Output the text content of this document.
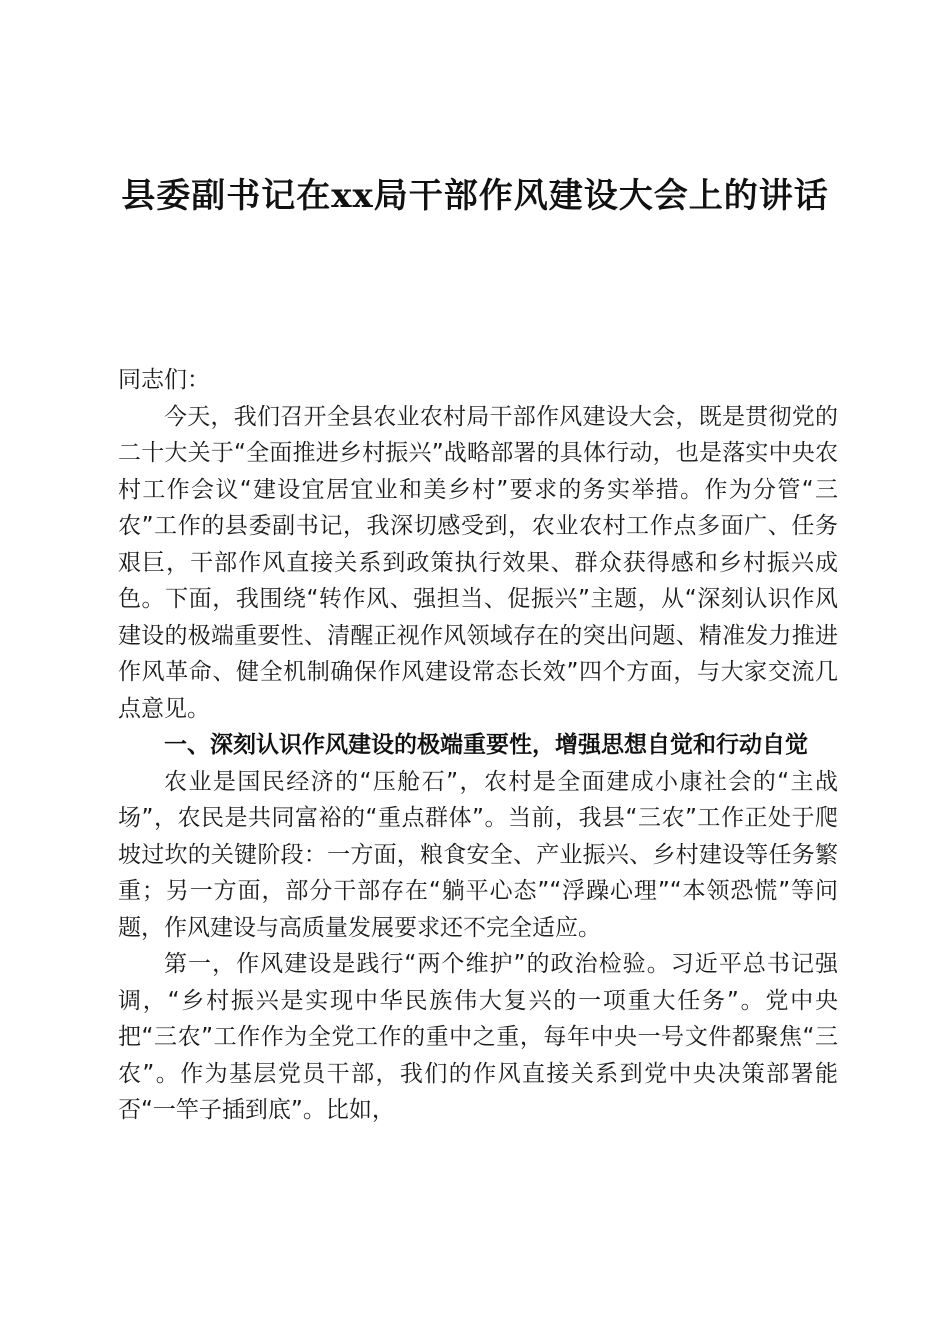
县委副书记在xx局干部作风建设大会上的讲话

同志们：

今天，我们召开全县农业农村局干部作风建设大会，既是贯彻党的二十大关于“全面推进乡村振兴”战略部署的具体行动，也是落实中央农村工作会议“建设宜居宜业和美乡村”要求的务实举措。作为分管“三农”工作的县委副书记，我深切感受到，农业农村工作点多面广、任务艰巨，干部作风直接关系到政策执行效果、群众获得感和乡村振兴成色。下面，我围绕“转作风、强担当、促振兴”主题，从“深刻认识作风建设的极端重要性、清醒正视作风领域存在的突出问题、精准发力推进作风革命、健全机制确保作风建设常态长效”四个方面，与大家交流几点意见。

一、深刻认识作风建设的极端重要性，增强思想自觉和行动自觉

农业是国民经济的“压舱石”，农村是全面建成小康社会的“主战场”，农民是共同富裕的“重点群体”。当前，我县“三农”工作正处于爬坡过坎的关键阶段：一方面，粮食安全、产业振兴、乡村建设等任务繁重；另一方面，部分干部存在“躺平心态”“浮躁心理”“本领恐慌”等问题，作风建设与高质量发展要求还不完全适应。

第一，作风建设是践行“两个维护”的政治检验。习近平总书记强调，“乡村振兴是实现中华民族伟大复兴的一项重大任务”。党中央把“三农”工作作为全党工作的重中之重，每年中央一号文件都聚焦“三农”。作为基层党员干部，我们的作风直接关系到党中央决策部署能否“一竿子插到底”。比如，
